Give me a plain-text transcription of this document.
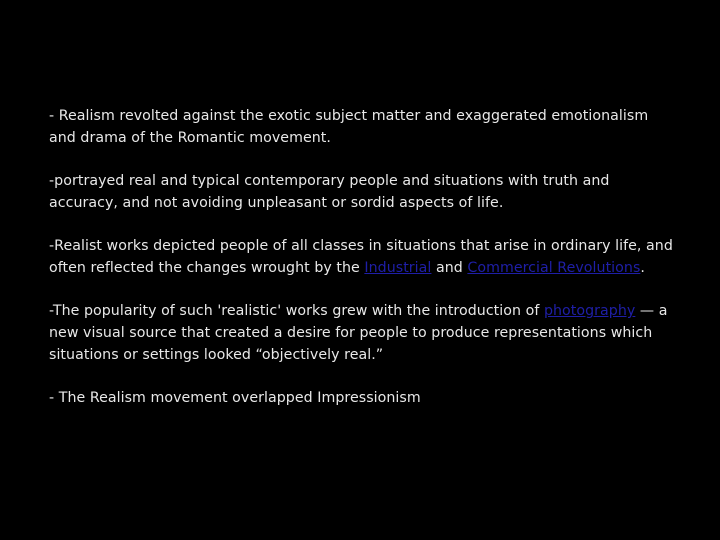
- Realism revolted against the exotic subject matter and exaggerated emotionalism and drama of the Romantic movement.

-portrayed real and typical contemporary people and situations with truth and accuracy, and not avoiding unpleasant or sordid aspects of life.

-Realist works depicted people of all classes in situations that arise in ordinary life, and often reflected the changes wrought by the Industrial and Commercial Revolutions.

-The popularity of such 'realistic' works grew with the introduction of photography — a new visual source that created a desire for people to produce representations which situations or settings looked “objectively real.”

- The Realism movement overlapped Impressionism
